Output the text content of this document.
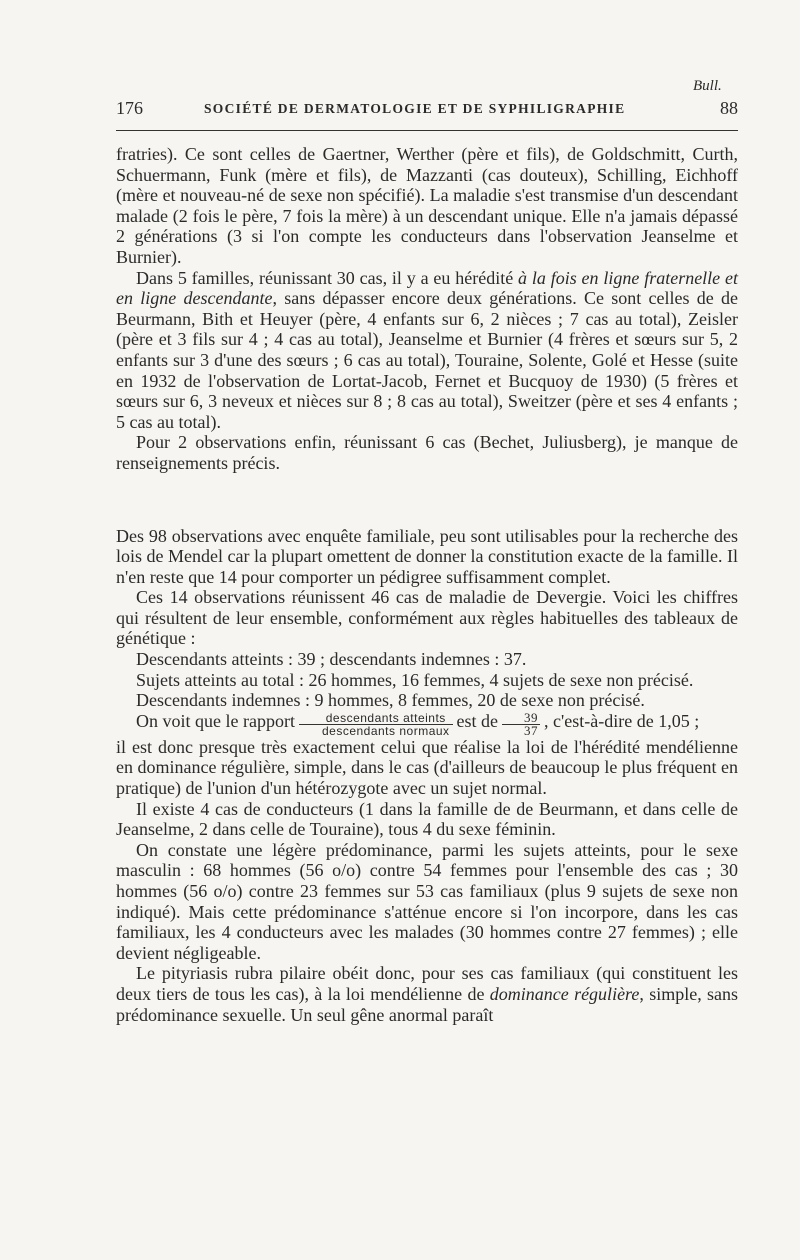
Bull.
176	SOCIÉTÉ DE DERMATOLOGIE ET DE SYPHILIGRAPHIE	88

fratries). Ce sont celles de Gaertner, Werther (père et fils), de Goldschmitt, Curth, Schuermann, Funk (mère et fils), de Mazzanti (cas douteux), Schilling, Eichhoff (mère et nouveau-né de sexe non spécifié). La maladie s'est transmise d'un descendant malade (2 fois le père, 7 fois la mère) à un descendant unique. Elle n'a jamais dépassé 2 générations (3 si l'on compte les conducteurs dans l'observation Jeanselme et Burnier).

Dans 5 familles, réunissant 30 cas, il y a eu hérédité à la fois en ligne fraternelle et en ligne descendante, sans dépasser encore deux générations. Ce sont celles de de Beurmann, Bith et Heuyer (père, 4 enfants sur 6, 2 nièces ; 7 cas au total), Zeisler (père et 3 fils sur 4 ; 4 cas au total), Jeanselme et Burnier (4 frères et sœurs sur 5, 2 enfants sur 3 d'une des sœurs ; 6 cas au total), Touraine, Solente, Golé et Hesse (suite en 1932 de l'observation de Lortat-Jacob, Fernet et Bucquoy de 1930) (5 frères et sœurs sur 6, 3 neveux et nièces sur 8 ; 8 cas au total), Sweitzer (père et ses 4 enfants ; 5 cas au total).

Pour 2 observations enfin, réunissant 6 cas (Bechet, Juliusberg), je manque de renseignements précis.

Des 98 observations avec enquête familiale, peu sont utilisables pour la recherche des lois de Mendel car la plupart omettent de donner la constitution exacte de la famille. Il n'en reste que 14 pour comporter un pédigree suffisamment complet.

Ces 14 observations réunissent 46 cas de maladie de Devergie. Voici les chiffres qui résultent de leur ensemble, conformément aux règles habituelles des tableaux de génétique :

Descendants atteints : 39 ; descendants indemnes : 37.

Sujets atteints au total : 26 hommes, 16 femmes, 4 sujets de sexe non précisé.

Descendants indemnes : 9 hommes, 8 femmes, 20 de sexe non précisé.

On voit que le rapport $\frac{\text{descendants atteints}}{\text{descendants normaux}}$ est de $\frac{39}{37}$ , c'est-à-dire de 1,05 ;

il est donc presque très exactement celui que réalise la loi de l'hérédité mendélienne en dominance régulière, simple, dans le cas (d'ailleurs de beaucoup le plus fréquent en pratique) de l'union d'un hétérozygote avec un sujet normal.

Il existe 4 cas de conducteurs (1 dans la famille de de Beurmann, et dans celle de Jeanselme, 2 dans celle de Touraine), tous 4 du sexe féminin.

On constate une légère prédominance, parmi les sujets atteints, pour le sexe masculin : 68 hommes (56 o/o) contre 54 femmes pour l'ensemble des cas ; 30 hommes (56 o/o) contre 23 femmes sur 53 cas familiaux (plus 9 sujets de sexe non indiqué). Mais cette prédominance s'atténue encore si l'on incorpore, dans les cas familiaux, les 4 conducteurs avec les malades (30 hommes contre 27 femmes) ; elle devient négligeable.

Le pityriasis rubra pilaire obéit donc, pour ses cas familiaux (qui constituent les deux tiers de tous les cas), à la loi mendélienne de dominance régulière, simple, sans prédominance sexuelle. Un seul gêne anormal paraît
